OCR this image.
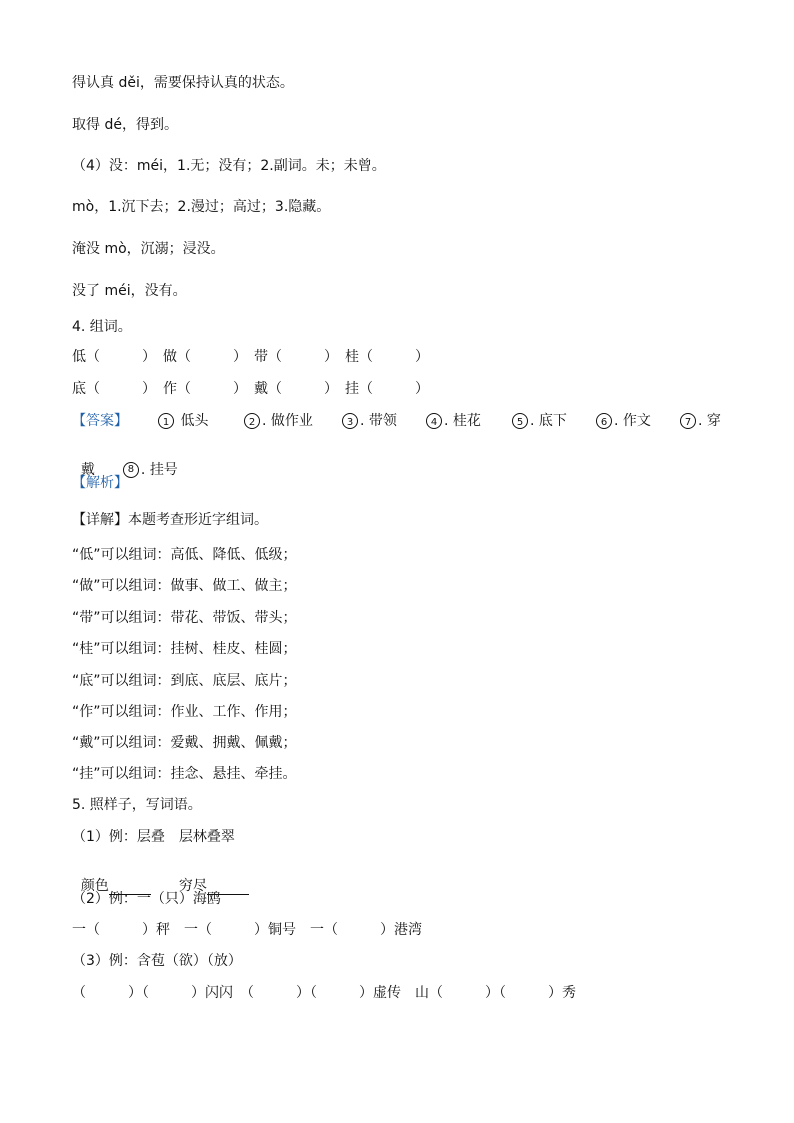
得认真 děi，需要保持认真的状态。
取得 dé，得到。
（4）没：méi，1.无；没有；2.副词。未；未曾。
mò，1.沉下去；2.漫过；高过；3.隐藏。
淹没 mò，沉溺；浸没。
没了 méi，没有。
4. 组词。
低（　　　）　做（　　　）　带（　　　）　桂（　　　）
底（　　　）　作（　　　）　戴（　　　）　挂（　　　）
【答案】	1 低头	2 . 做作业	3 . 带领	4 . 桂花	5 . 底下	6 . 作文	7 . 穿

戴　　	8 . 挂号

【解析】
【详解】本题考查形近字组词。
“低”可以组词：高低、降低、低级；
“做”可以组词：做事、做工、做主；
“带”可以组词：带花、带饭、带头；
“桂”可以组词：挂树、桂皮、桂圆；
“底”可以组词：到底、底层、底片；
“作”可以组词：作业、工作、作用；
“戴”可以组词：爱戴、拥戴、佩戴；
“挂”可以组词：挂念、悬挂、牵挂。
5. 照样子，写词语。
（1）例：层叠　层林叠翠

颜色　　	穷尽

（2）例：一（只）海鸥
一（　　　）秤　一（　　　）铜号　一（　　　）港湾
（3）例：含苞（欲）（放）
（　　　）（　　　）闪闪　（　　　）（　　　）虚传　山（　　　）（　　　）秀
